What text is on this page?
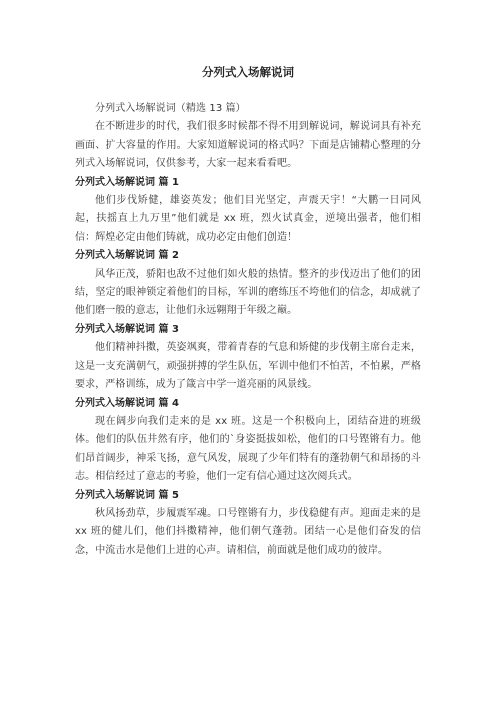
分列式入场解说词

分列式入场解说词（精选 13 篇）

在不断进步的时代，我们很多时候都不得不用到解说词，解说词具有补充画面、扩大容量的作用。大家知道解说词的格式吗？下面是店铺精心整理的分列式入场解说词，仅供参考，大家一起来看看吧。

分列式入场解说词 篇 1

他们步伐矫健，雄姿英发；他们目光坚定，声震天宇！“大鹏一日同风起，扶摇直上九万里”他们就是 xx 班，烈火试真金，逆境出强者，他们相信：辉煌必定由他们铸就，成功必定由他们创造！

分列式入场解说词 篇 2

风华正茂，骄阳也敌不过他们如火般的热情。整齐的步伐迈出了他们的团结，坚定的眼神锁定着他们的目标，军训的磨练压不垮他们的信念，却成就了他们磨一般的意志，让他们永远翱翔于年级之巅。

分列式入场解说词 篇 3

他们精神抖擞，英姿飒爽，带着青春的气息和矫健的步伐朝主席台走来，这是一支充满朝气，顽强拼搏的学生队伍，军训中他们不怕苦，不怕累，严格要求，严格训练，成为了箴言中学一道亮丽的风景线。

分列式入场解说词 篇 4

现在阔步向我们走来的是 xx 班。这是一个积极向上，团结奋进的班级体。他们的队伍井然有序，他们的`身姿挺拔如松，他们的口号铿锵有力。他们昂首阔步，神采飞扬，意气风发，展现了少年们特有的蓬勃朝气和昂扬的斗志。相信经过了意志的考验，他们一定有信心通过这次阅兵式。

分列式入场解说词 篇 5

秋风扬劲草，步履震军魂。口号铿锵有力，步伐稳健有声。迎面走来的是 xx 班的健儿们，他们抖擞精神，他们朝气蓬勃。团结一心是他们奋发的信念，中流击水是他们上进的心声。请相信，前面就是他们成功的彼岸。
